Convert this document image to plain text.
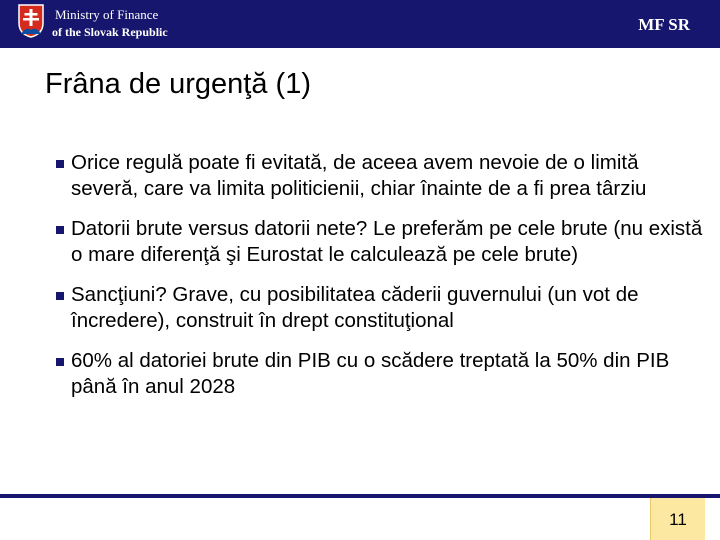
Ministry of Finance
of the Slovak Republic	MF SR
Frâna de urgenţă (1)
Orice regulă poate fi evitată, de aceea avem nevoie de o limită severă, care va limita politicienii, chiar înainte de a fi prea târziu
Datorii brute versus datorii nete? Le preferăm pe cele brute (nu există o mare diferenţă şi Eurostat le calculează pe cele brute)
Sancţiuni? Grave, cu posibilitatea căderii guvernului (un vot de încredere), construit în drept constituţional
60% al datoriei brute din PIB cu o scădere treptată la 50% din PIB până în anul 2028
11
